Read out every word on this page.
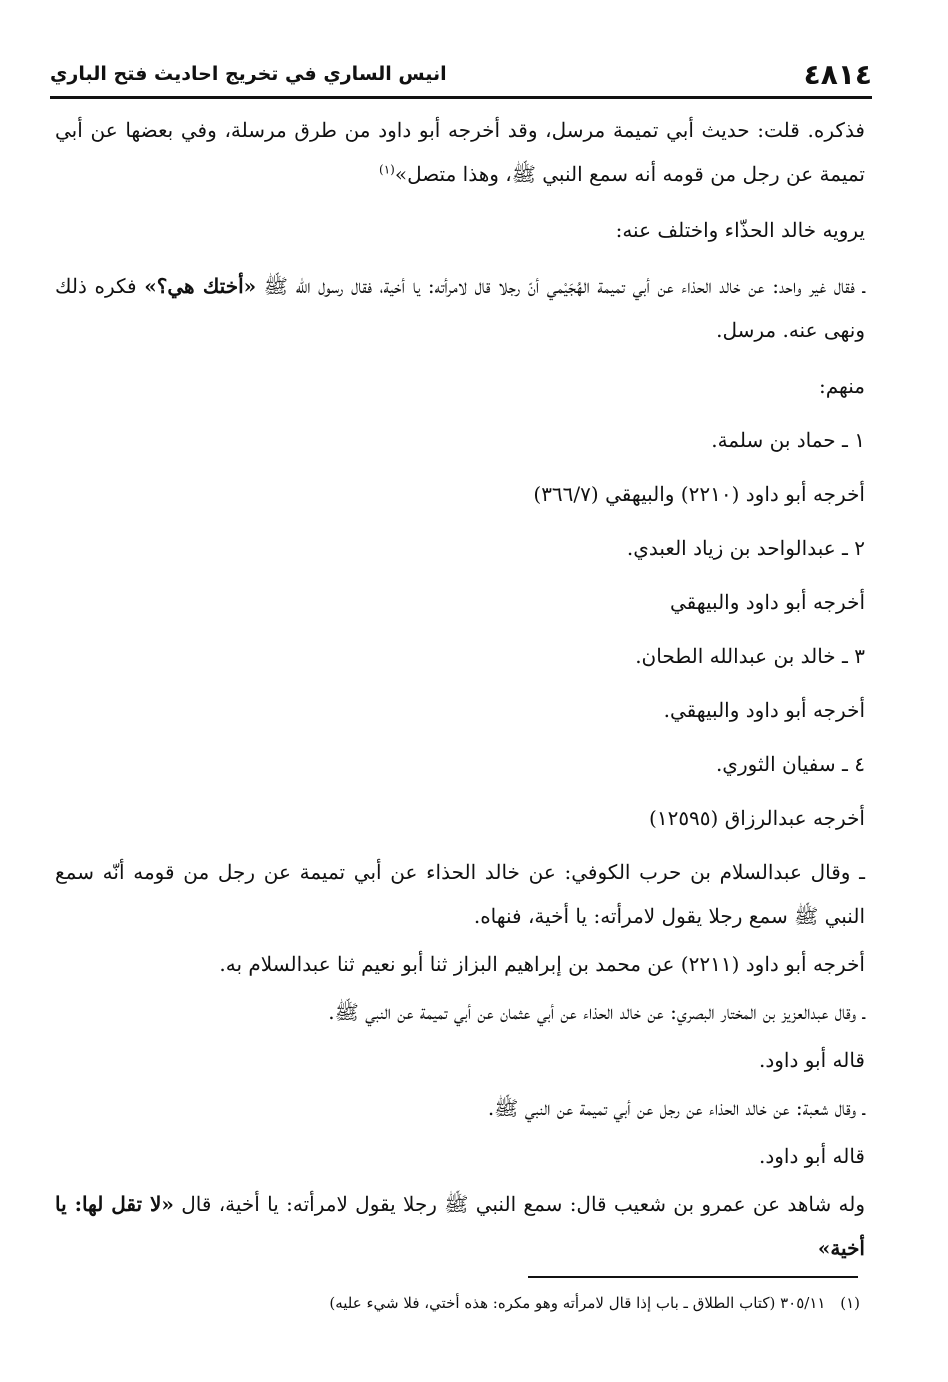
٤٨١٤
انيس الساري في تخريج احاديث فتح الباري

فذكره. قلت: حديث أبي تميمة مرسل، وقد أخرجه أبو داود من طرق مرسلة، وفي بعضها عن أبي تميمة عن رجل من قومه أنه سمع النبي ﷺ، وهذا متصل»$^{(١)}$

يرويه خالد الحذّاء واختلف عنه:

ـ فقال غير واحد: عن خالد الحذاء عن أبي تميمة الهُجَيْمي أنّ رجلا قال لامرأته: يا أخية، فقال رسول الله ﷺ «أختك هي؟» فكره ذلك ونهى عنه. مرسل.

منهم:

١ ـ حماد بن سلمة.

أخرجه أبو داود (٢٢١٠) والبيهقي (٣٦٦/٧)

٢ ـ عبدالواحد بن زياد العبدي.

أخرجه أبو داود والبيهقي

٣ ـ خالد بن عبدالله الطحان.

أخرجه أبو داود والبيهقي.

٤ ـ سفيان الثوري.

أخرجه عبدالرزاق (١٢٥٩٥)

ـ وقال عبدالسلام بن حرب الكوفي: عن خالد الحذاء عن أبي تميمة عن رجل من قومه أنّه سمع النبي ﷺ سمع رجلا يقول لامرأته: يا أخية، فنهاه.

أخرجه أبو داود (٢٢١١) عن محمد بن إبراهيم البزاز ثنا أبو نعيم ثنا عبدالسلام به.

ـ وقال عبدالعزيز بن المختار البصري: عن خالد الحذاء عن أبي عثمان عن أبي تميمة عن النبي ﷺ.

قاله أبو داود.

ـ وقال شعبة: عن خالد الحذاء عن رجل عن أبي تميمة عن النبي ﷺ.

قاله أبو داود.

وله شاهد عن عمرو بن شعيب قال: سمع النبي ﷺ رجلا يقول لامرأته: يا أخية، قال «لا تقل لها: يا أخية»

(١) ٣٠٥/١١ (كتاب الطلاق ـ باب إذا قال لامرأته وهو مكره: هذه أختي، فلا شيء عليه)
